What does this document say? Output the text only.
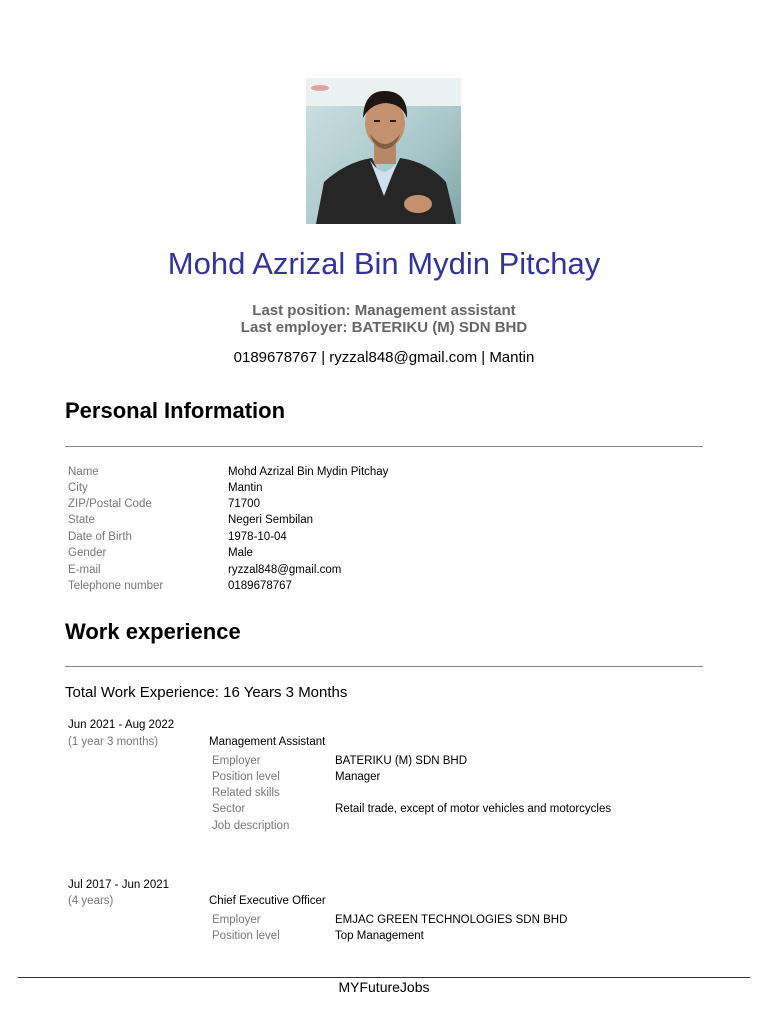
Mohd Azrizal Bin Mydin Pitchay
Last position: Management assistant
Last employer: BATERIKU (M) SDN BHD
0189678767 | ryzzal848@gmail.com | Mantin
Personal Information
Name	Mohd Azrizal Bin Mydin Pitchay
City	Mantin
ZIP/Postal Code	71700
State	Negeri Sembilan
Date of Birth	1978-10-04
Gender	Male
E-mail	ryzzal848@gmail.com
Telephone number	0189678767
Work experience
Total Work Experience: 16 Years 3 Months
Jun 2021 - Aug 2022
(1 year 3 months)	Management Assistant
Employer	BATERIKU (M) SDN BHD
Position level	Manager
Related skills
Sector	Retail trade, except of motor vehicles and motorcycles
Job description
Jul 2017 - Jun 2021
(4 years)	Chief Executive Officer
Employer	EMJAC GREEN TECHNOLOGIES SDN BHD
Position level	Top Management
MYFutureJobs
